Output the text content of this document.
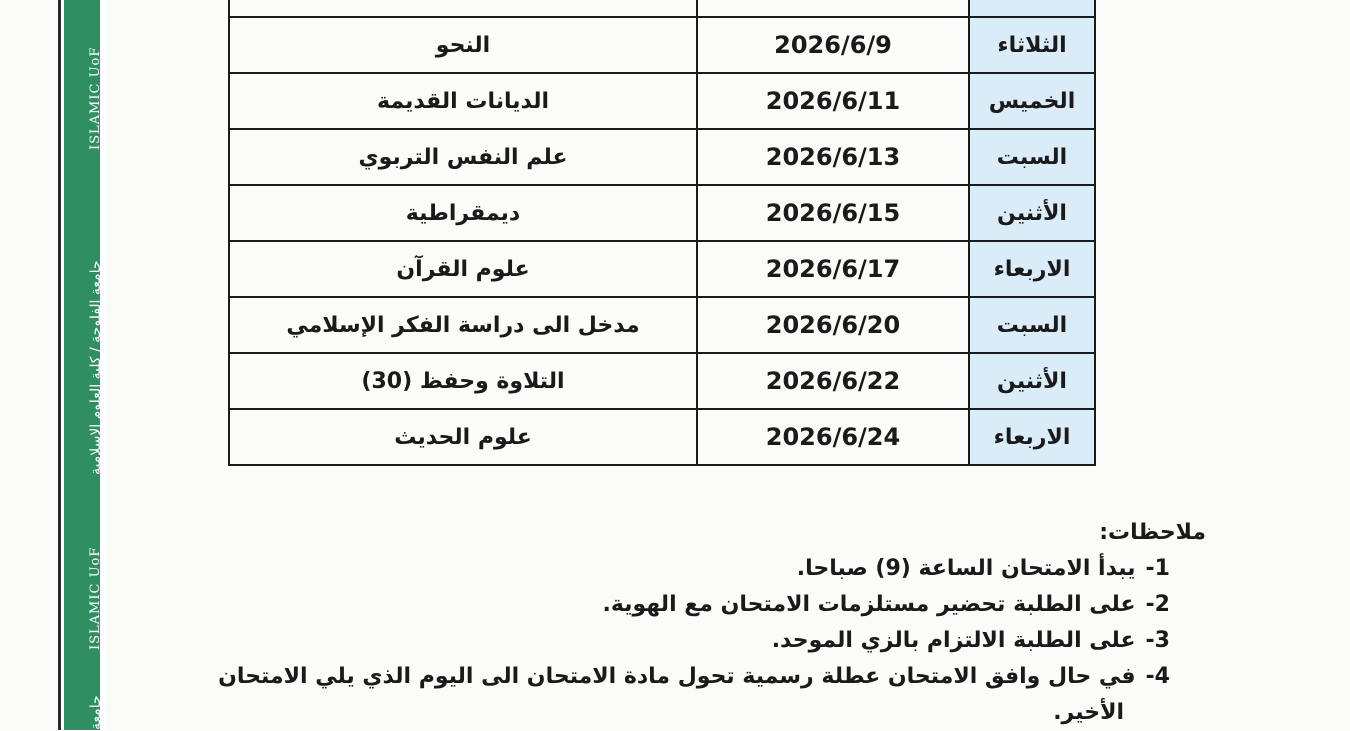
جامعة الفلوجة / كلية العلوم الاسلامية
ISLAMIC UoF
ISLAMIC UoF
جامعة

الثلاثاء	2026/6/9	النحو
الخميس	2026/6/11	الديانات القديمة
السبت	2026/6/13	علم النفس التربوي
الأثنين	2026/6/15	ديمقراطية
الاربعاء	2026/6/17	علوم القرآن
السبت	2026/6/20	مدخل الى دراسة الفكر الإسلامي
الأثنين	2026/6/22	التلاوة وحفظ (30)
الاربعاء	2026/6/24	علوم الحديث
ملاحظات:
-1يبدأ الامتحان الساعة (9) صباحا.
-2على الطلبة تحضير مستلزمات الامتحان مع الهوية.
-3على الطلبة الالتزام بالزي الموحد.
-4في حال وافق الامتحان عطلة رسمية تحول مادة الامتحان الى اليوم الذي يلي الامتحان
الأخير.
